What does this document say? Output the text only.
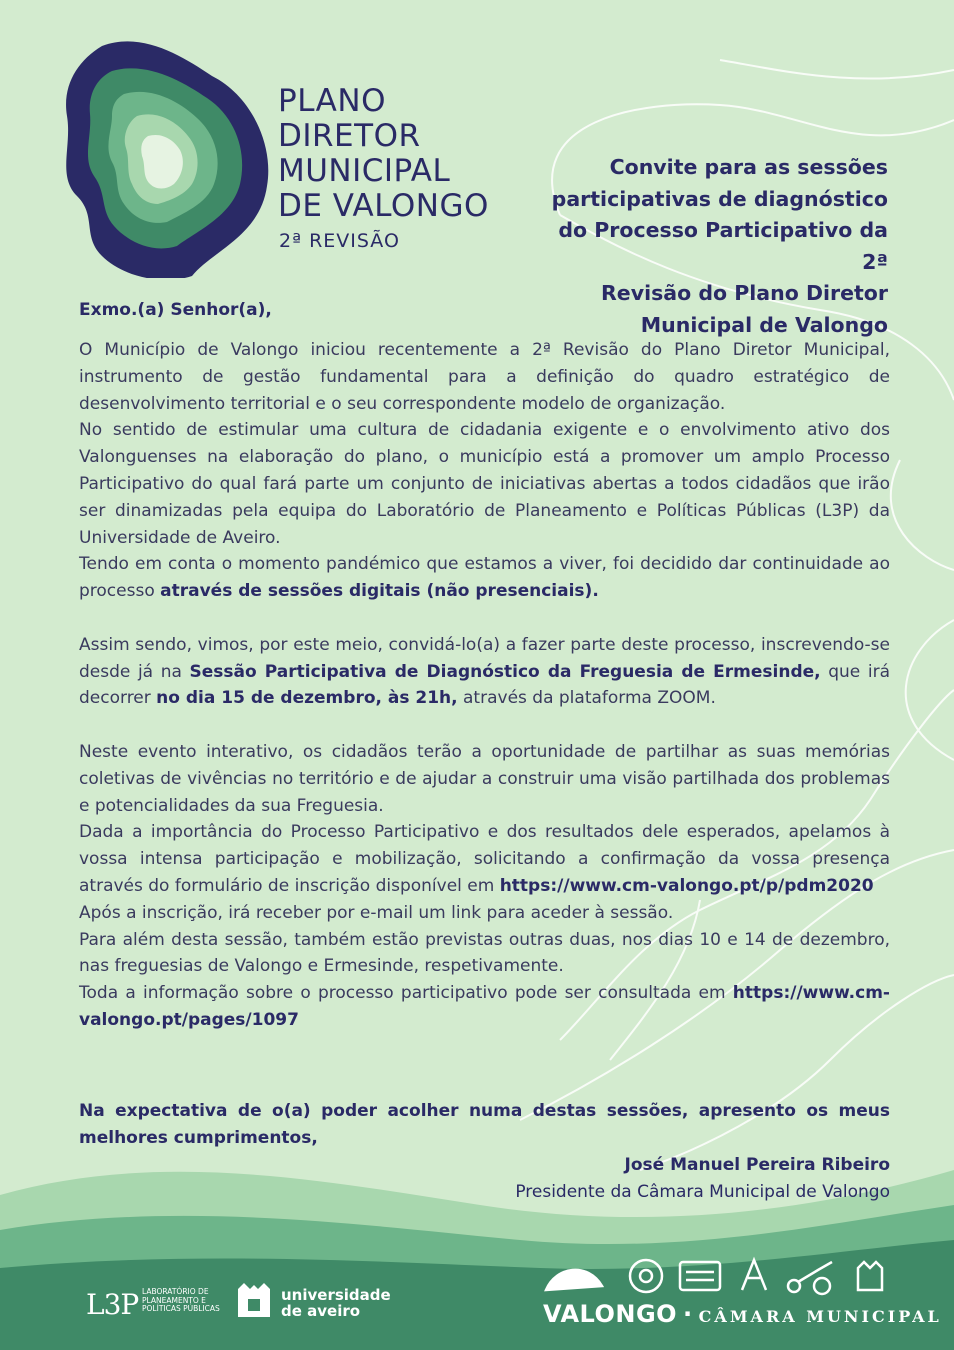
PLANO
DIRETOR
MUNICIPAL
DE VALONGO
2ª REVISÃO
Convite para as sessões
participativas de diagnóstico
do Processo Participativo da 2ª
Revisão do Plano Diretor
Municipal de Valongo
Exmo.(a) Senhor(a),

O Município de Valongo iniciou recentemente a 2ª Revisão do Plano Diretor Municipal, instrumento de gestão fundamental para a definição do quadro estratégico de desenvolvimento territorial e o seu correspondente modelo de organização.

No sentido de estimular uma cultura de cidadania exigente e o envolvimento ativo dos Valonguenses na elaboração do plano, o município está a promover um amplo Processo Participativo do qual fará parte um conjunto de iniciativas abertas a todos cidadãos que irão ser dinamizadas pela equipa do Laboratório de Planeamento e Políticas Públicas (L3P) da Universidade de Aveiro.

Tendo em conta o momento pandémico que estamos a viver, foi decidido dar continuidade ao processo através de sessões digitais (não presenciais).

Assim sendo, vimos, por este meio, convidá-lo(a) a fazer parte deste processo, inscrevendo-se desde já na Sessão Participativa de Diagnóstico da Freguesia de Ermesinde, que irá decorrer no dia 15 de dezembro, às 21h, através da plataforma ZOOM.

Neste evento interativo, os cidadãos terão a oportunidade de partilhar as suas memórias coletivas de vivências no território e de ajudar a construir uma visão partilhada dos problemas e potencialidades da sua Freguesia.

Dada a importância do Processo Participativo e dos resultados dele esperados, apelamos à vossa intensa participação e mobilização, solicitando a confirmação da vossa presença através do formulário de inscrição disponível em https://www.cm-valongo.pt/p/pdm2020

Após a inscrição, irá receber por e-mail um link para aceder à sessão.

Para além desta sessão, também estão previstas outras duas, nos dias 10 e 14 de dezembro, nas freguesias de Valongo e Ermesinde, respetivamente.

Toda a informação sobre o processo participativo pode ser consultada em https://www.cm-valongo.pt/pages/1097

Na expectativa de o(a) poder acolher numa destas sessões, apresento os meus melhores cumprimentos,
José Manuel Pereira Ribeiro
Presidente da Câmara Municipal de Valongo
L3P LABORATÓRIO DE
PLANEAMENTO E
POLÍTICAS PÚBLICAS
universidade
de aveiro	VALONGO · CÂMARA MUNICIPAL
